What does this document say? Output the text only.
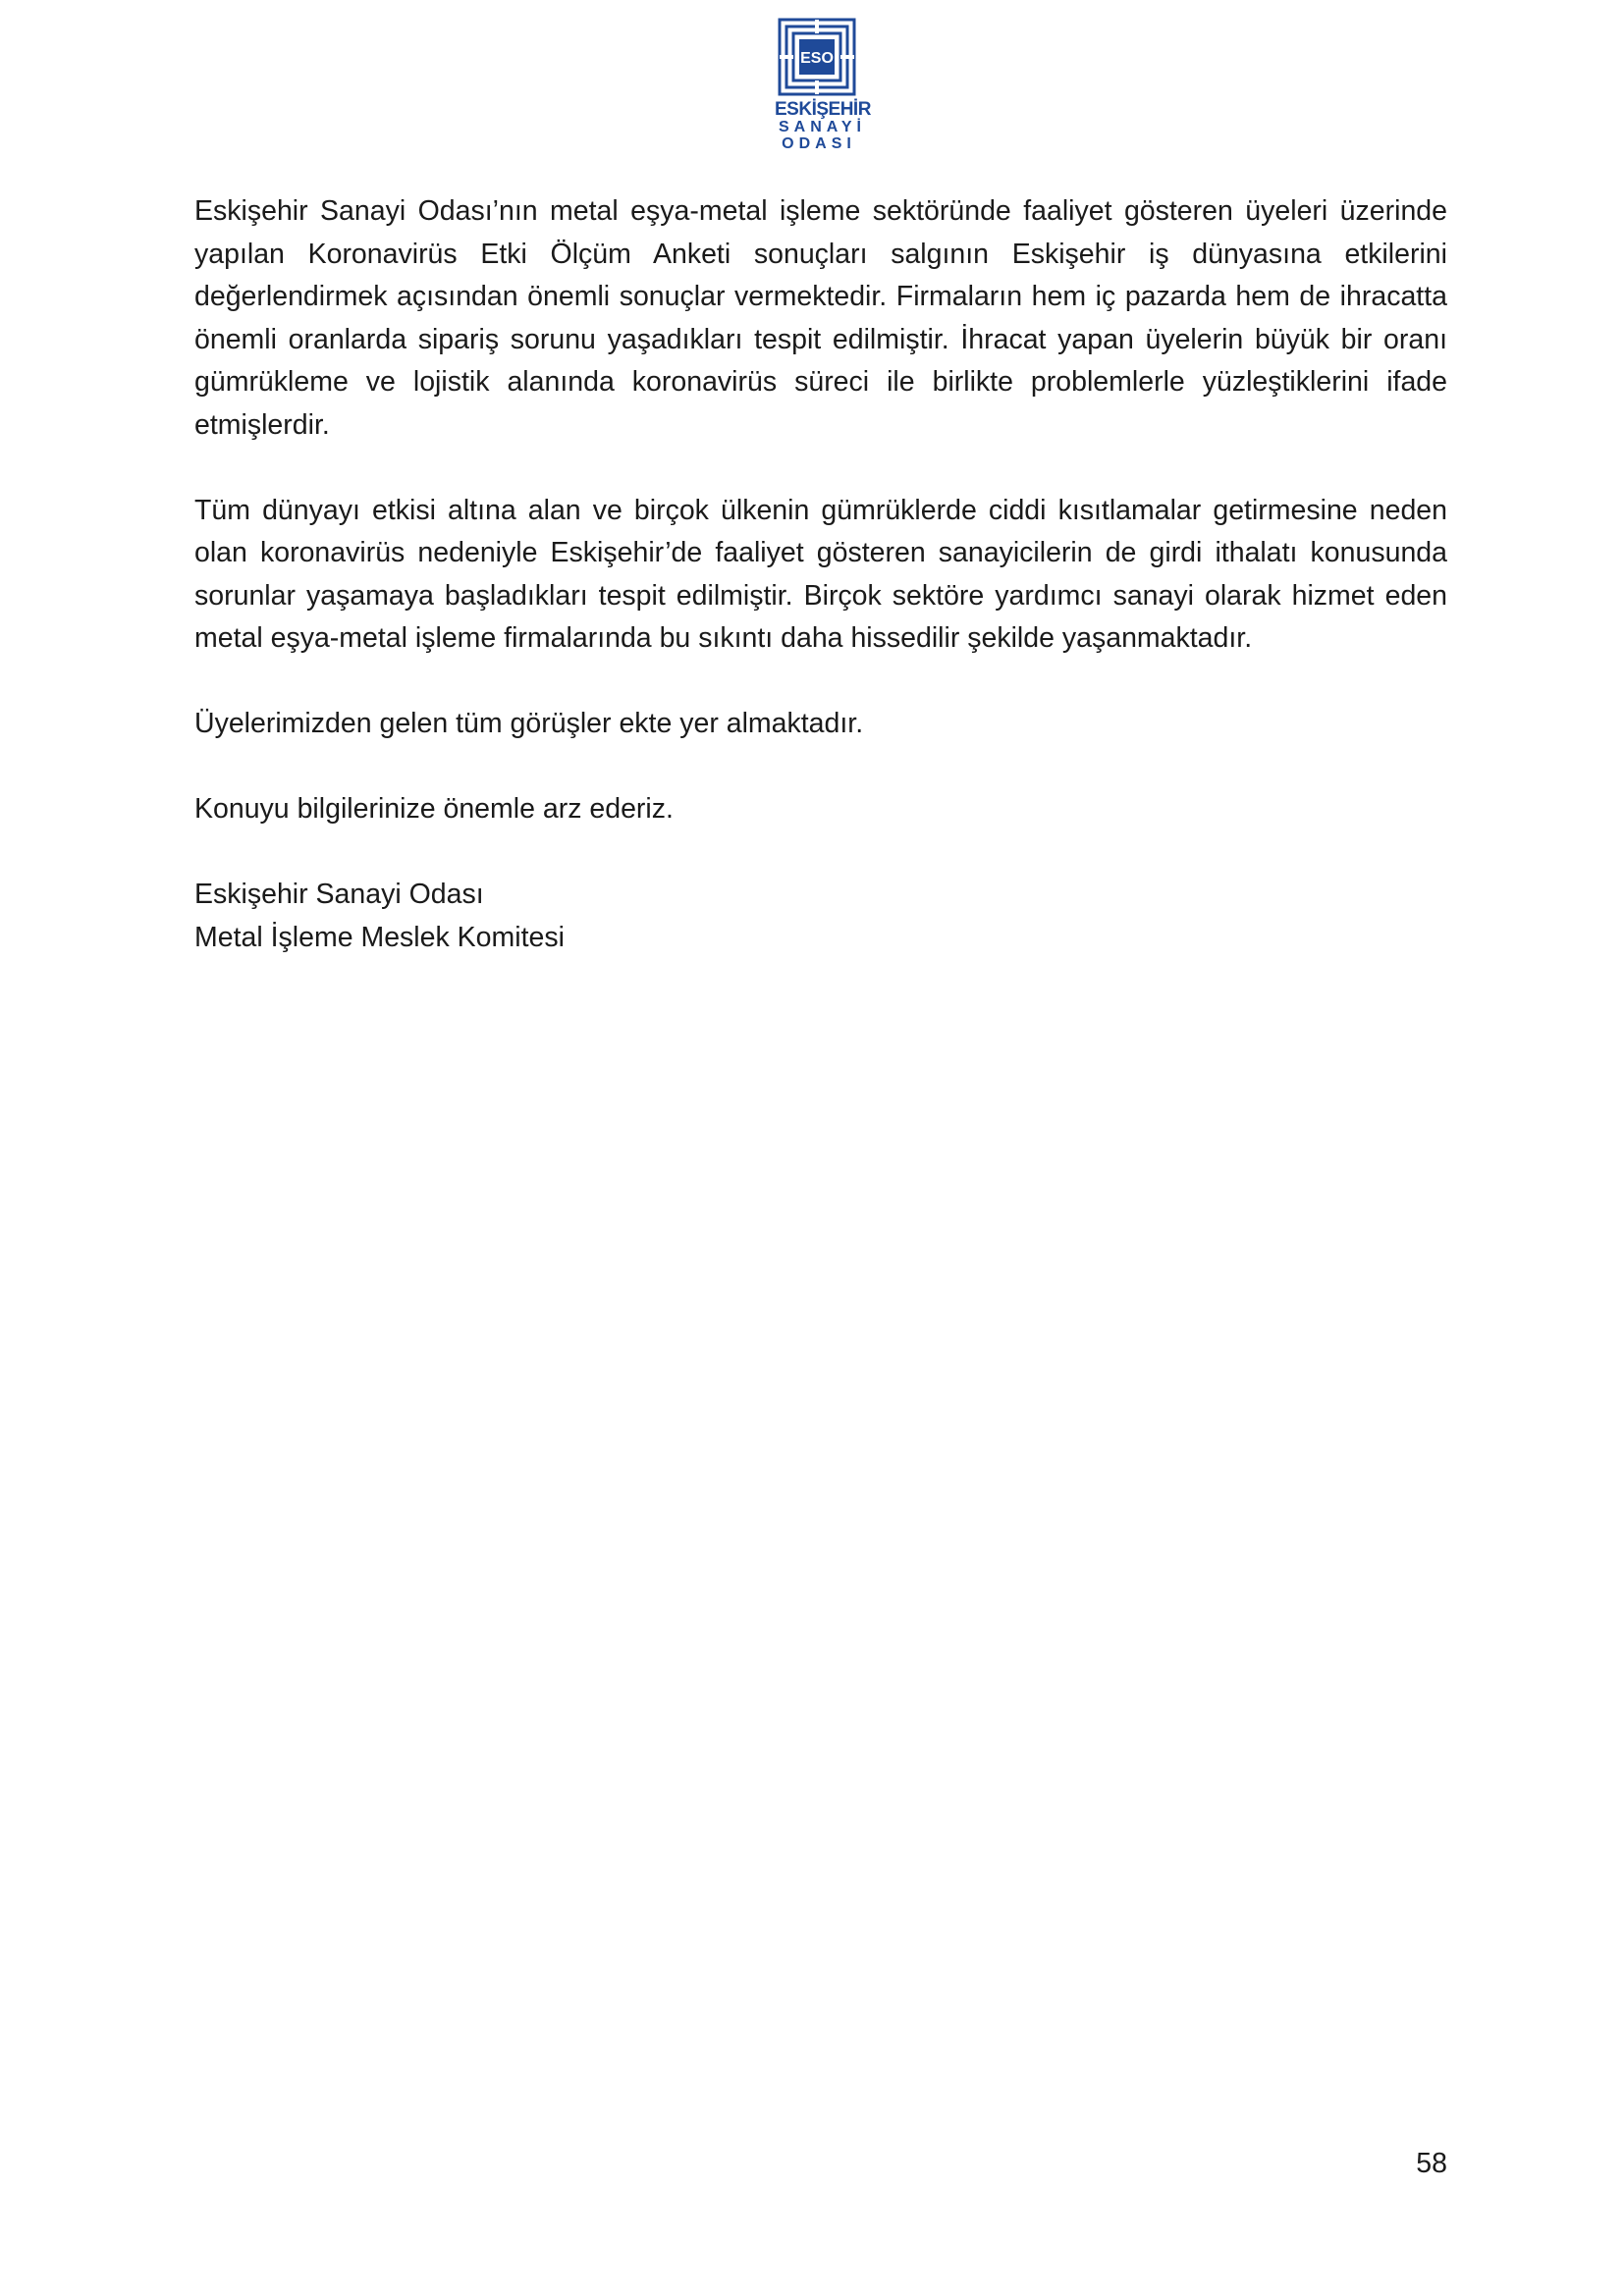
ESO
ESKİŞEHİR
SANAYİ
ODASI

Eskişehir Sanayi Odası’nın metal eşya-metal işleme sektöründe faaliyet gösteren üyeleri üzerinde yapılan Koronavirüs Etki Ölçüm Anketi sonuçları salgının Eskişehir iş dünyasına etkilerini değerlendirmek açısından önemli sonuçlar vermektedir. Firmaların hem iç pazarda hem de ihracatta önemli oranlarda sipariş sorunu yaşadıkları tespit edilmiştir. İhracat yapan üyelerin büyük bir oranı gümrükleme ve lojistik alanında koronavirüs süreci ile birlikte problemlerle yüzleştiklerini ifade etmişlerdir.

Tüm dünyayı etkisi altına alan ve birçok ülkenin gümrüklerde ciddi kısıtlamalar getirmesine neden olan koronavirüs nedeniyle Eskişehir’de faaliyet gösteren sanayicilerin de girdi ithalatı konusunda sorunlar yaşamaya başladıkları tespit edilmiştir. Birçok sektöre yardımcı sanayi olarak hizmet eden metal eşya-metal işleme firmalarında bu sıkıntı daha hissedilir şekilde yaşanmaktadır.

Üyelerimizden gelen tüm görüşler ekte yer almaktadır.

Konuyu bilgilerinize önemle arz ederiz.

Eskişehir Sanayi Odası

Metal İşleme Meslek Komitesi

58
